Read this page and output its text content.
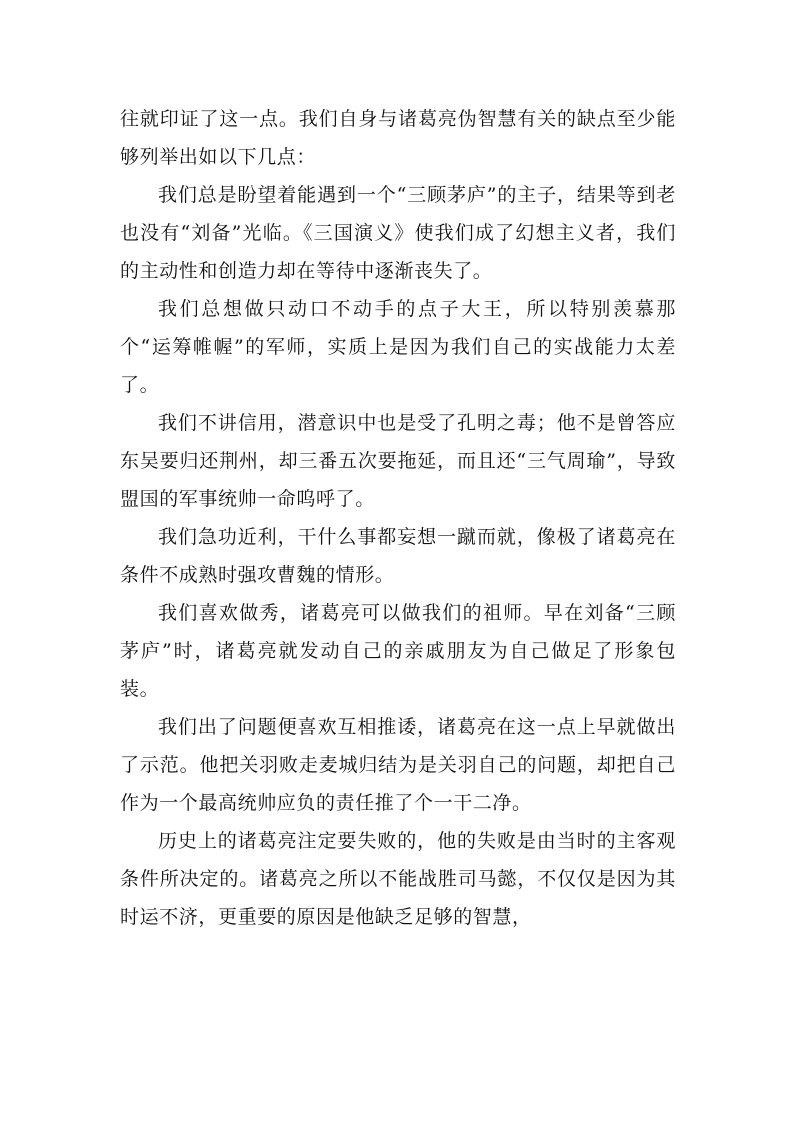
往就印证了这一点。我们自身与诸葛亮伪智慧有关的缺点至少能够列举出如以下几点：

我们总是盼望着能遇到一个“三顾茅庐”的主子，结果等到老也没有“刘备”光临。《三国演义》使我们成了幻想主义者，我们的主动性和创造力却在等待中逐渐丧失了。

我们总想做只动口不动手的点子大王，所以特别羡慕那个“运筹帷幄”的军师，实质上是因为我们自己的实战能力太差了。

我们不讲信用，潜意识中也是受了孔明之毒；他不是曾答应东吴要归还荆州，却三番五次要拖延，而且还“三气周瑜”，导致盟国的军事统帅一命呜呼了。

我们急功近利，干什么事都妄想一蹴而就，像极了诸葛亮在条件不成熟时强攻曹魏的情形。

我们喜欢做秀，诸葛亮可以做我们的祖师。早在刘备“三顾茅庐”时，诸葛亮就发动自己的亲戚朋友为自己做足了形象包装。

我们出了问题便喜欢互相推诿，诸葛亮在这一点上早就做出了示范。他把关羽败走麦城归结为是关羽自己的问题，却把自己作为一个最高统帅应负的责任推了个一干二净。

历史上的诸葛亮注定要失败的，他的失败是由当时的主客观条件所决定的。诸葛亮之所以不能战胜司马懿，不仅仅是因为其时运不济，更重要的原因是他缺乏足够的智慧，
